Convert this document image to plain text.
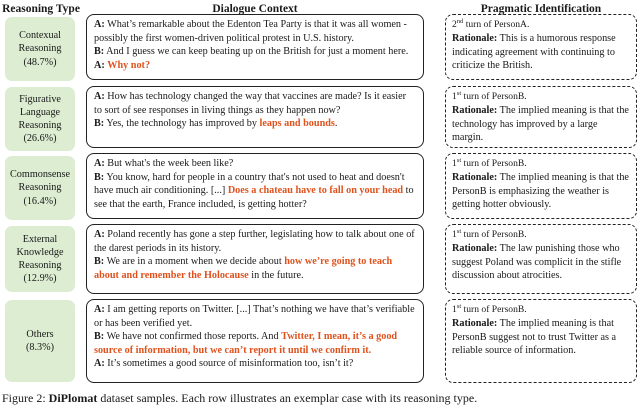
Reasoning Type	Dialogue Context	Pragmatic Identification
Contexual
Reasoning
(48.7%)

A: What’s remarkable about the Edenton Tea Party is that it was all women - possibly the first women-driven political protest in U.S. history.

B: And I guess we can keep beating up on the British for just a moment here.

A: Why not?

2nd turn of PersonA.

Rationale: This is a humorous response indicating agreement with continuing to criticize the British.

Figurative
Language
Reasoning
(26.6%)

A: How has technology changed the way that vaccines are made? Is it easier to sort of see responses in living things as they happen now?

B: Yes, the technology has improved by leaps and bounds.

1st turn of PersonB.

Rationale: The implied meaning is that the technology has improved by a large margin.

Commonsense
Reasoning
(16.4%)

A: But what's the week been like?

B: You know, hard for people in a country that's not used to heat and doesn't have much air conditioning. [...] Does a chateau have to fall on your head to see that the earth, France included, is getting hotter?

1st turn of PersonB.

Rationale: The implied meaning is that the PersonB is emphasizing the weather is getting hotter obviously.

External
Knowledge
Reasoning
(12.9%)

A: Poland recently has gone a step further, legislating how to talk about one of the darest periods in its history.

B: We are in a moment when we decide about how we’re going to teach about and remember the Holocause in the future.

1st turn of PersonB.

Rationale: The law punishing those who suggest Poland was complicit in the stifle discussion about atrocities.

Others
(8.3%)

A: I am getting reports on Twitter. [...] That’s nothing we have that’s verifiable or has been verified yet.

B: We have not confirmed those reports. And Twitter, I mean, it’s a good source of information, but we can’t report it until we confirm it.

A: It’s sometimes a good source of misinformation too, isn’t it?

1st turn of PersonB.

Rationale: The implied meaning is that PersonB suggest not to trust Twitter as a reliable source of information.

Figure 2: DiPlomat dataset samples. Each row illustrates an exemplar case with its reasoning type.
